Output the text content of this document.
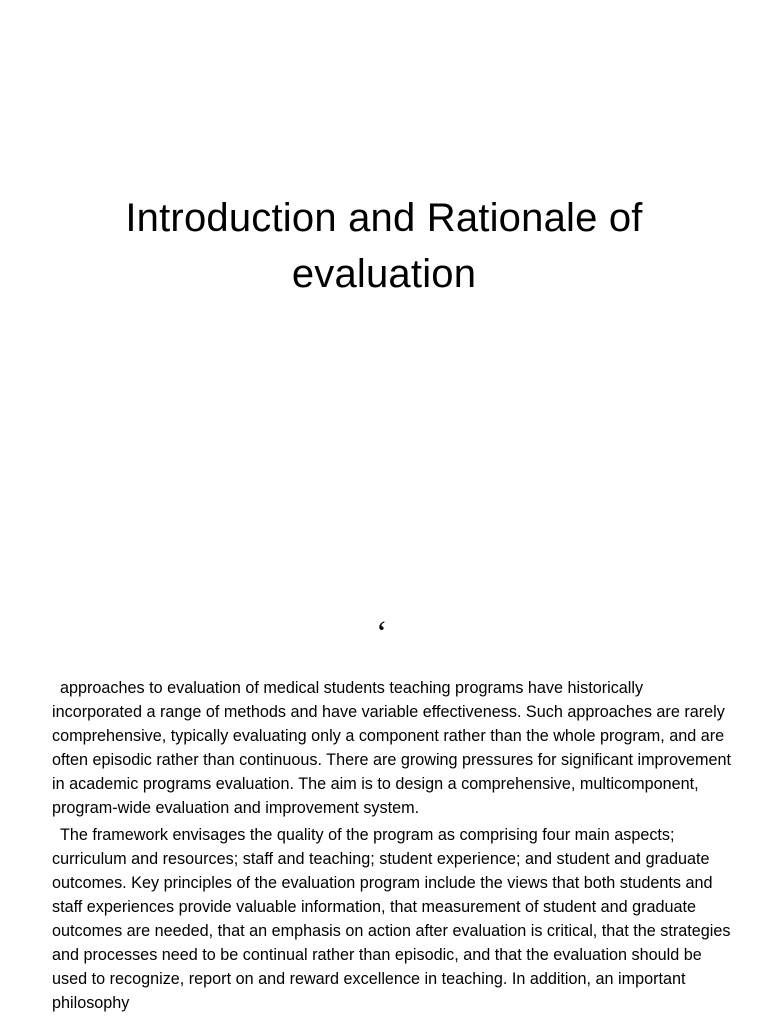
Introduction and Rationale of evaluation
‘

approaches to evaluation of medical students teaching programs have historically incorporated a range of methods and have variable effectiveness. Such approaches are rarely comprehensive, typically evaluating only a component rather than the whole program, and are often episodic rather than continuous. There are growing pressures for significant improvement in academic programs evaluation. The aim is to design a comprehensive, multicomponent, program-wide evaluation and improvement system.

The framework envisages the quality of the program as comprising four main aspects; curriculum and resources; staff and teaching; student experience; and student and graduate outcomes. Key principles of the evaluation program include the views that both students and staff experiences provide valuable information, that measurement of student and graduate outcomes are needed, that an emphasis on action after evaluation is critical, that the strategies and processes need to be continual rather than episodic, and that the evaluation should be used to recognize, report on and reward excellence in teaching. In addition, an important philosophy
